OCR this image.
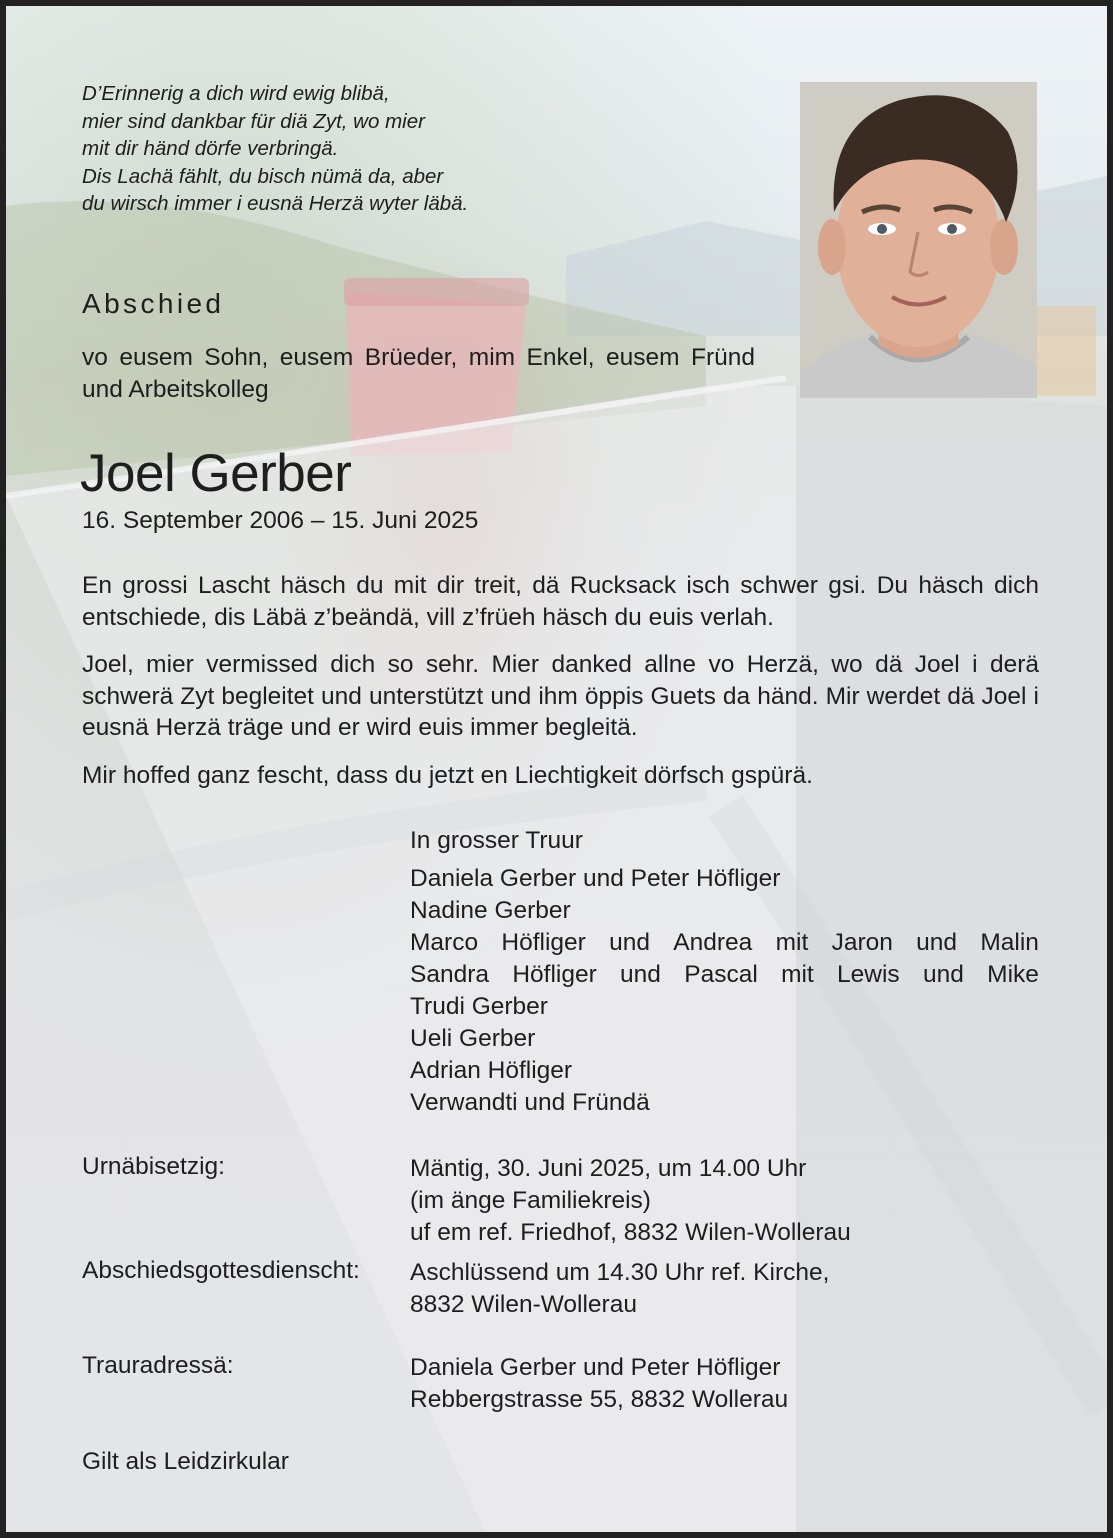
D’Erinnerig a dich wird ewig blibä,
mier sind dankbar für diä Zyt, wo mier
mit dir händ dörfe verbringä.
Dis Lachä fählt, du bisch nümä da, aber
du wirsch immer i eusnä Herzä wyter läbä.
Abschied
vo eusem Sohn, eusem Brüeder, mim Enkel, eusem Fründ und Arbeitskolleg
Joel Gerber
16. September 2006 – 15. Juni 2025

En grossi Lascht häsch du mit dir treit, dä Rucksack isch schwer gsi. Du häsch dich entschiede, dis Läbä z’beändä, vill z’früeh häsch du euis verlah.

Joel, mier vermissed dich so sehr. Mier danked allne vo Herzä, wo dä Joel i derä schwerä Zyt begleitet und unterstützt und ihm öppis Guets da händ. Mir werdet dä Joel i eusnä Herzä träge und er wird euis immer begleitä.

Mir hoffed ganz fescht, dass du jetzt en Liechtigkeit dörfsch gspürä.

In grosser Truur
Daniela Gerber und Peter Höfliger
Nadine Gerber
Marco Höfliger und Andrea mit Jaron und Malin
Sandra Höfliger und Pascal mit Lewis und Mike
Trudi Gerber
Ueli Gerber
Adrian Höfliger
Verwandti und Fründä
Urnäbisetzig:	Mäntig, 30. Juni 2025, um 14.00 Uhr
(im änge Familiekreis)
uf em ref. Friedhof, 8832 Wilen-Wollerau
Abschiedsgottesdienscht: Aschlüssend um 14.30 Uhr ref. Kirche,
8832 Wilen-Wollerau
Trauradressä:	Daniela Gerber und Peter Höfliger
Rebbergstrasse 55, 8832 Wollerau
Gilt als Leidzirkular
